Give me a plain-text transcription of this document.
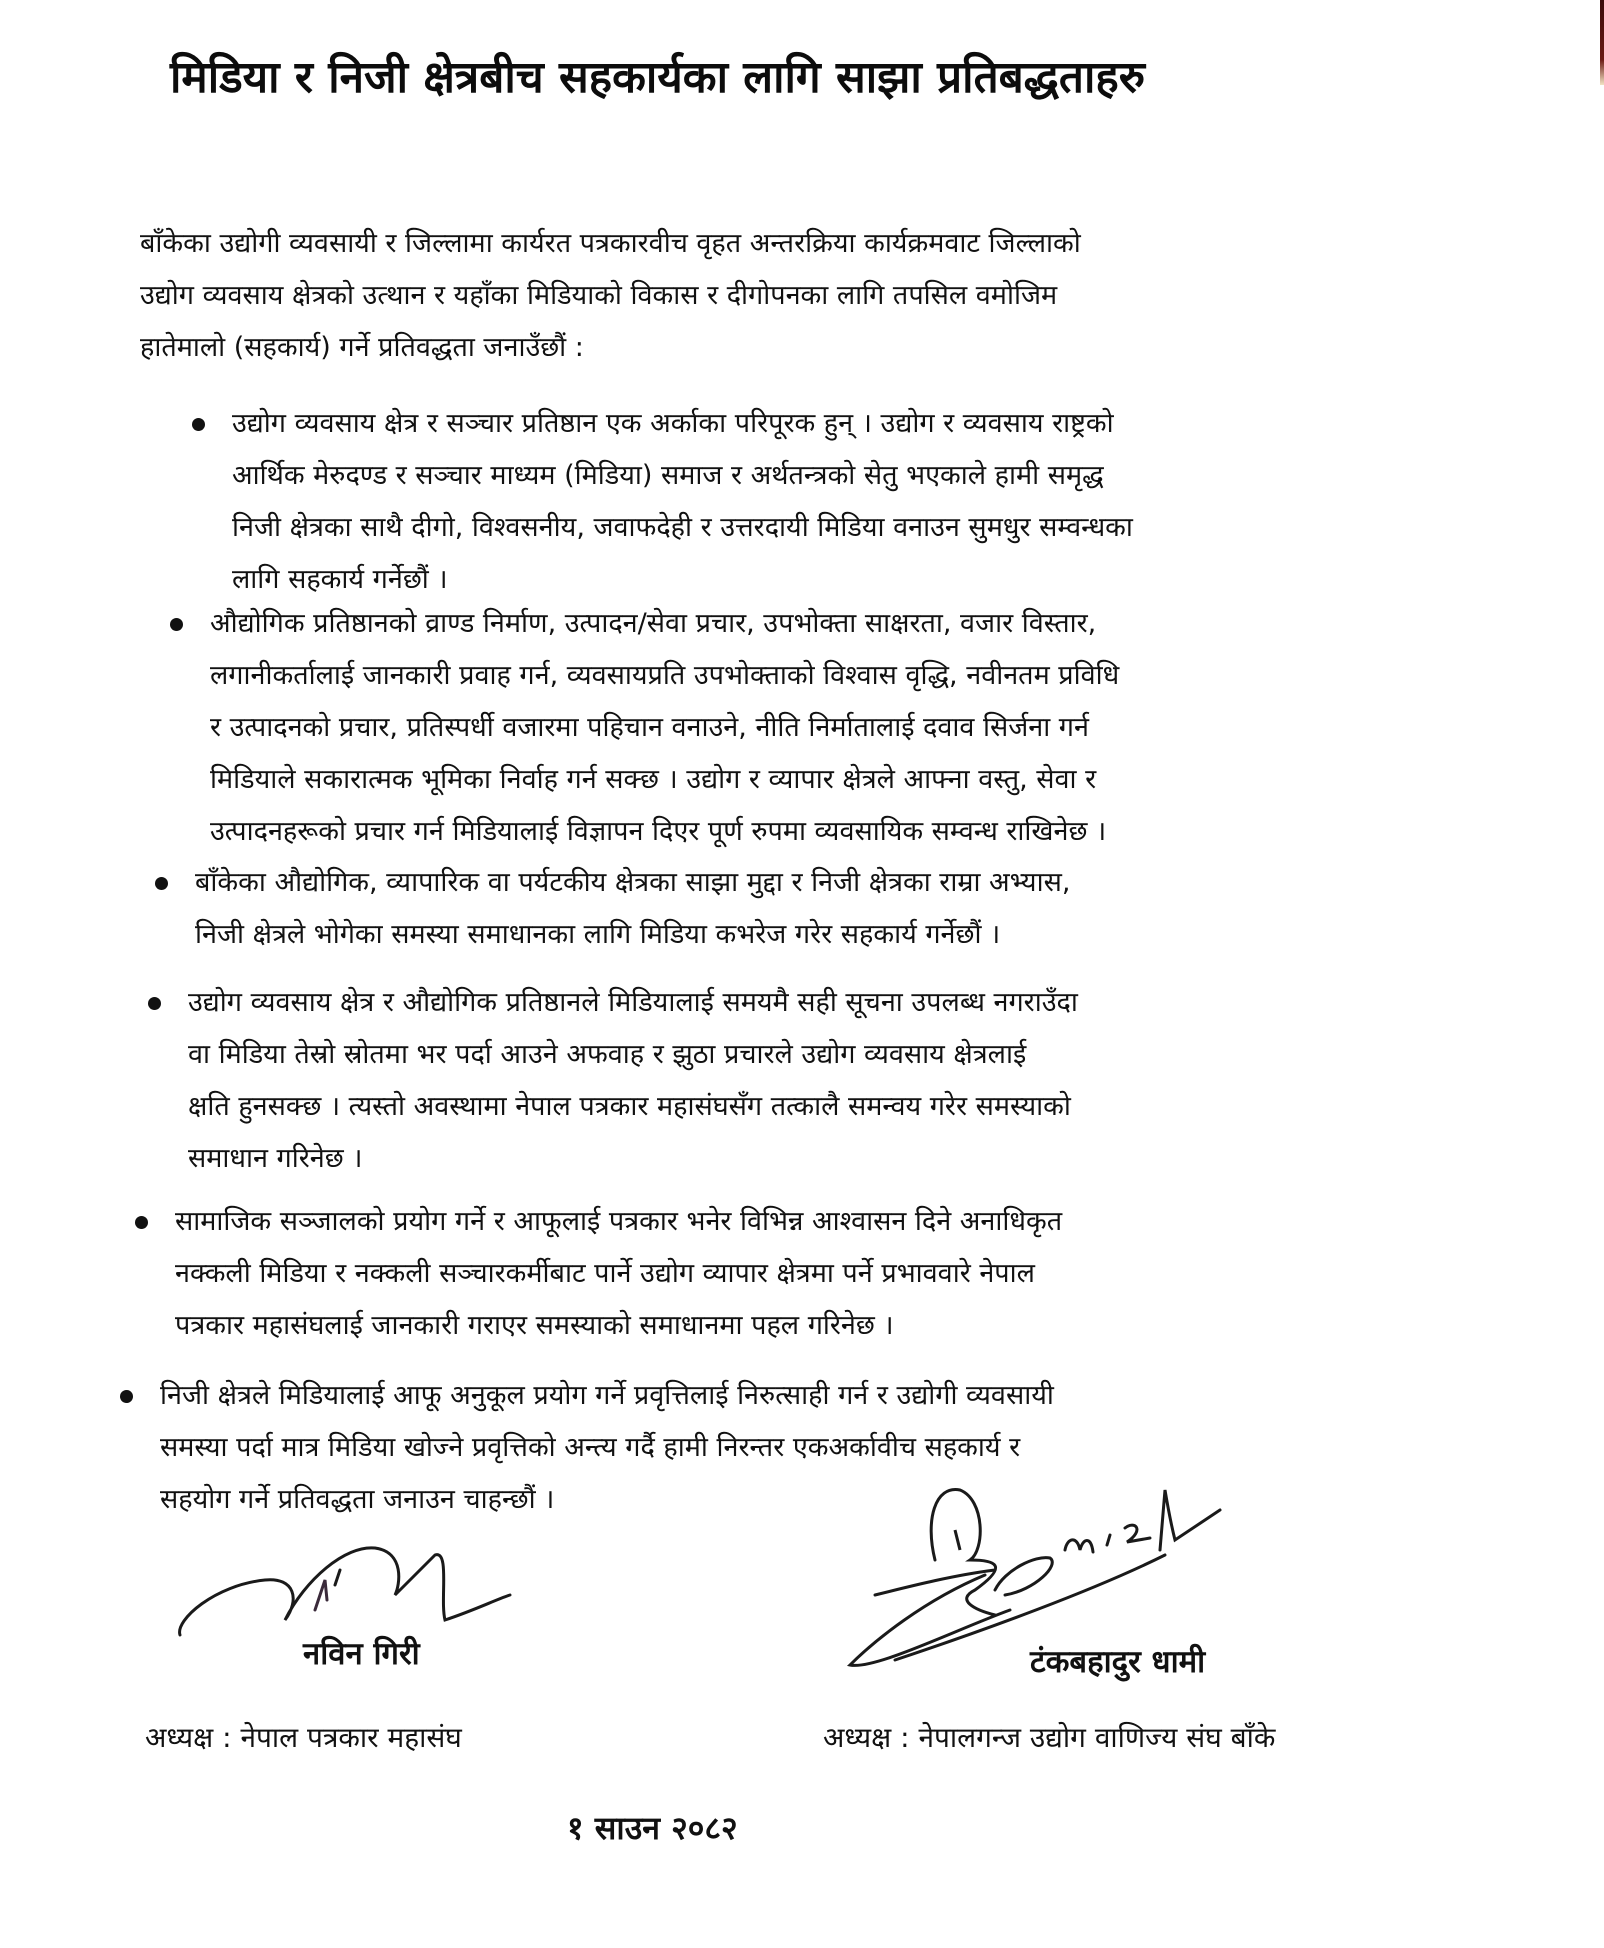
मिडिया र निजी क्षेत्रबीच सहकार्यका लागि साझा प्रतिबद्धताहरु
बाँकेका उद्योगी व्यवसायी र जिल्लामा कार्यरत पत्रकारवीच वृहत अन्तरक्रिया कार्यक्रमवाट जिल्लाको
उद्योग व्यवसाय क्षेत्रको उत्थान र यहाँका मिडियाको विकास र दीगोपनका लागि तपसिल वमोजिम
हातेमालो (सहकार्य) गर्ने प्रतिवद्धता जनाउँछौं :
उद्योग व्यवसाय क्षेत्र र सञ्चार प्रतिष्ठान एक अर्काका परिपूरक हुन् । उद्योग र व्यवसाय राष्ट्रको
आर्थिक मेरुदण्ड र सञ्चार माध्यम (मिडिया) समाज र अर्थतन्त्रको सेतु भएकाले हामी समृद्ध
निजी क्षेत्रका साथै दीगो, विश्वसनीय, जवाफदेही र उत्तरदायी मिडिया वनाउन सुमधुर सम्वन्धका
लागि सहकार्य गर्नेछौं ।
औद्योगिक प्रतिष्ठानको व्राण्ड निर्माण, उत्पादन/सेवा प्रचार, उपभोक्ता साक्षरता, वजार विस्तार,
लगानीकर्तालाई जानकारी प्रवाह गर्न, व्यवसायप्रति उपभोक्ताको विश्वास वृद्धि, नवीनतम प्रविधि
र उत्पादनको प्रचार, प्रतिस्पर्धी वजारमा पहिचान वनाउने, नीति निर्मातालाई दवाव सिर्जना गर्न
मिडियाले सकारात्मक भूमिका निर्वाह गर्न सक्छ । उद्योग र व्यापार क्षेत्रले आफ्ना वस्तु, सेवा र
उत्पादनहरूको प्रचार गर्न मिडियालाई विज्ञापन दिएर पूर्ण रुपमा व्यवसायिक सम्वन्ध राखिनेछ ।
बाँकेका औद्योगिक, व्यापारिक वा पर्यटकीय क्षेत्रका साझा मुद्दा र निजी क्षेत्रका राम्रा अभ्यास,
निजी क्षेत्रले भोगेका समस्या समाधानका लागि मिडिया कभरेज गरेर सहकार्य गर्नेछौं ।
उद्योग व्यवसाय क्षेत्र र औद्योगिक प्रतिष्ठानले मिडियालाई समयमै सही सूचना उपलब्ध नगराउँदा
वा मिडिया तेस्रो स्रोतमा भर पर्दा आउने अफवाह र झुठा प्रचारले उद्योग व्यवसाय क्षेत्रलाई
क्षति हुनसक्छ । त्यस्तो अवस्थामा नेपाल पत्रकार महासंघसँग तत्कालै समन्वय गरेर समस्याको
समाधान गरिनेछ ।
सामाजिक सञ्जालको प्रयोग गर्ने र आफूलाई पत्रकार भनेर विभिन्न आश्वासन दिने अनाधिकृत
नक्कली मिडिया र नक्कली सञ्चारकर्मीबाट पार्ने उद्योग व्यापार क्षेत्रमा पर्ने प्रभाववारे नेपाल
पत्रकार महासंघलाई जानकारी गराएर समस्याको समाधानमा पहल गरिनेछ ।
निजी क्षेत्रले मिडियालाई आफू अनुकूल प्रयोग गर्ने प्रवृत्तिलाई निरुत्साही गर्न र उद्योगी व्यवसायी
समस्या पर्दा मात्र मिडिया खोज्ने प्रवृत्तिको अन्त्य गर्दै हामी निरन्तर एकअर्कावीच सहकार्य र
सहयोग गर्ने प्रतिवद्धता जनाउन चाहन्छौं ।
नविन गिरी	टंकबहादुर धामी
अध्यक्ष : नेपाल पत्रकार महासंघ	अध्यक्ष : नेपालगन्ज उद्योग वाणिज्य संघ बाँके
१ साउन २०८२
